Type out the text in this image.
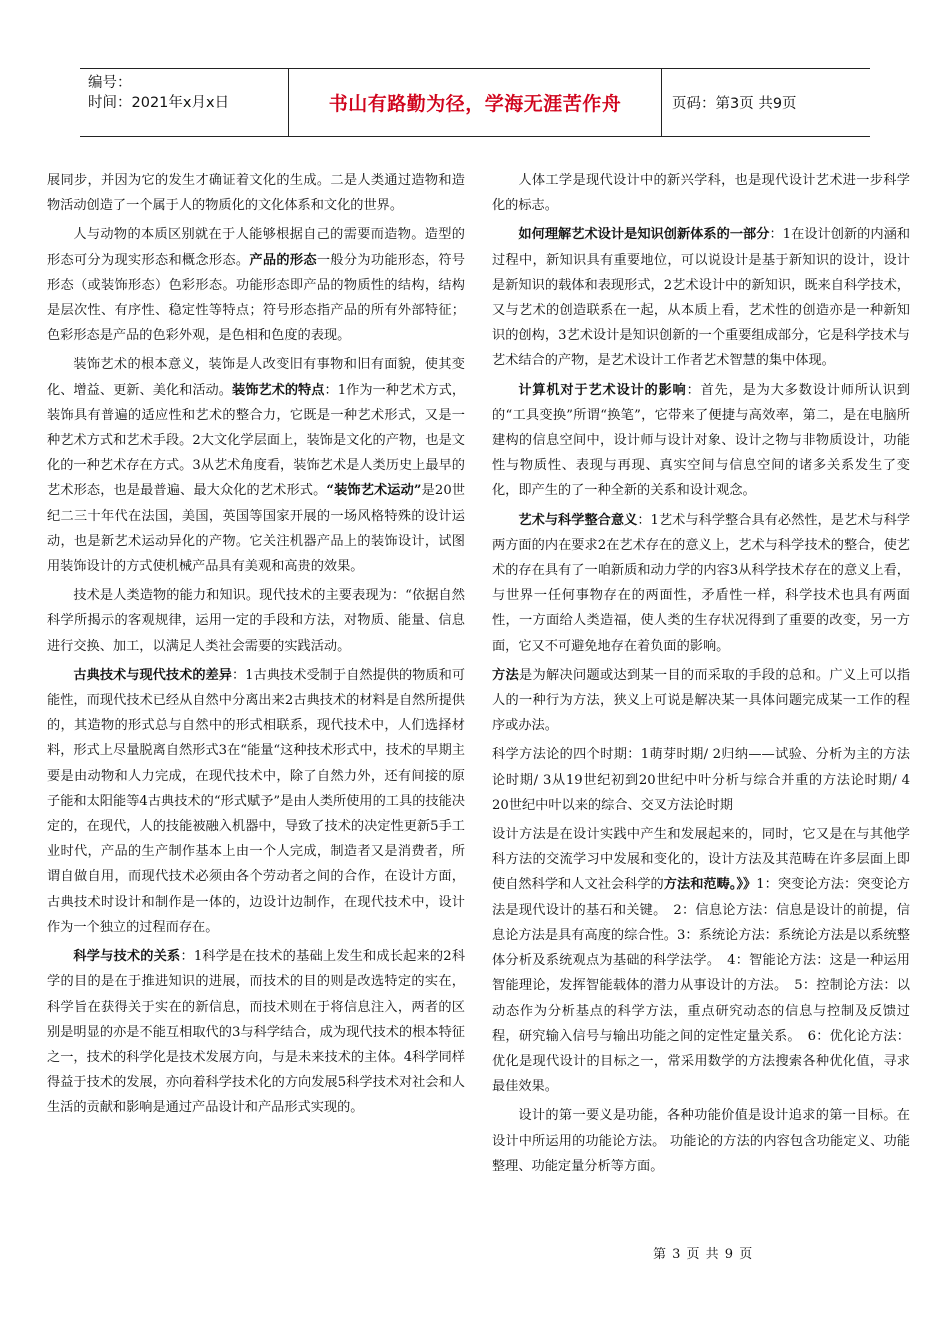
编号：
时间：2021年x月x日	书山有路勤为径，学海无涯苦作舟	页码：第3页 共9页

展同步，并因为它的发生才确证着文化的生成。二是人类通过造物和造物活动创造了一个属于人的物质化的文化体系和文化的世界。

人与动物的本质区别就在于人能够根据自己的需要而造物。造型的形态可分为现实形态和概念形态。产品的形态一般分为功能形态，符号形态（或装饰形态）色彩形态。功能形态即产品的物质性的结构，结构是层次性、有序性、稳定性等特点；符号形态指产品的所有外部特征；色彩形态是产品的色彩外观，是色相和色度的表现。

装饰艺术的根本意义，装饰是人改变旧有事物和旧有面貌，使其变化、增益、更新、美化和活动。装饰艺术的特点：1作为一种艺术方式，装饰具有普遍的适应性和艺术的整合力，它既是一种艺术形式，又是一种艺术方式和艺术手段。2大文化学层面上，装饰是文化的产物，也是文化的一种艺术存在方式。3从艺术角度看，装饰艺术是人类历史上最早的艺术形态，也是最普遍、最大众化的艺术形式。“装饰艺术运动”是20世纪二三十年代在法国，美国，英国等国家开展的一场风格特殊的设计运动，也是新艺术运动异化的产物。它关注机器产品上的装饰设计，试图用装饰设计的方式使机械产品具有美观和高贵的效果。

技术是人类造物的能力和知识。现代技术的主要表现为：“依据自然科学所揭示的客观规律，运用一定的手段和方法，对物质、能量、信息进行交换、加工，以满足人类社会需要的实践活动。

古典技术与现代技术的差异：1古典技术受制于自然提供的物质和可能性，而现代技术已经从自然中分离出来2古典技术的材料是自然所提供的，其造物的形式总与自然中的形式相联系，现代技术中，人们选择材料，形式上尽量脱离自然形式3在“能量“这种技术形式中，技术的早期主要是由动物和人力完成，在现代技术中，除了自然力外，还有间接的原子能和太阳能等4古典技术的“形式赋予”是由人类所使用的工具的技能决定的，在现代，人的技能被融入机器中，导致了技术的决定性更新5手工业时代，产品的生产制作基本上由一个人完成，制造者又是消费者，所谓自做自用，而现代技术必须由各个劳动者之间的合作，在设计方面，古典技术时设计和制作是一体的，边设计边制作，在现代技术中，设计作为一个独立的过程而存在。

科学与技术的关系：1科学是在技术的基础上发生和成长起来的2科学的目的是在于推进知识的进展，而技术的目的则是改选特定的实在，科学旨在获得关于实在的新信息，而技术则在于将信息注入，两者的区别是明显的亦是不能互相取代的3与科学结合，成为现代技术的根本特征之一，技术的科学化是技术发展方向，与是未来技术的主体。4科学同样得益于技术的发展，亦向着科学技术化的方向发展5科学技术对社会和人生活的贡献和影响是通过产品设计和产品形式实现的。

人体工学是现代设计中的新兴学科，也是现代设计艺术进一步科学化的标志。

如何理解艺术设计是知识创新体系的一部分：1在设计创新的内涵和过程中，新知识具有重要地位，可以说设计是基于新知识的设计，设计是新知识的载体和表现形式，2艺术设计中的新知识，既来自科学技术，又与艺术的创造联系在一起，从本质上看，艺术性的创造亦是一种新知识的创构，3艺术设计是知识创新的一个重要组成部分，它是科学技术与艺术结合的产物，是艺术设计工作者艺术智慧的集中体现。

计算机对于艺术设计的影响：首先，是为大多数设计师所认识到的“工具变换”所谓“换笔”，它带来了便捷与高效率，第二，是在电脑所建构的信息空间中，设计师与设计对象、设计之物与非物质设计，功能性与物质性、表现与再现、真实空间与信息空间的诸多关系发生了变化，即产生的了一种全新的关系和设计观念。

艺术与科学整合意义：1艺术与科学整合具有必然性，是艺术与科学两方面的内在要求2在艺术存在的意义上，艺术与科学技术的整合，使艺术的存在具有了一咱新质和动力学的内容3从科学技术存在的意义上看，与世界一任何事物存在的两面性，矛盾性一样，科学技术也具有两面性，一方面给人类造福，使人类的生存状况得到了重要的改变，另一方面，它又不可避免地存在着负面的影响。

方法是为解决问题或达到某一目的而采取的手段的总和。广义上可以指人的一种行为方法，狭义上可说是解决某一具体问题完成某一工作的程序或办法。

科学方法论的四个时期：1萌芽时期/ 2归纳——试验、分析为主的方法论时期/ 3从19世纪初到20世纪中叶分析与综合并重的方法论时期/ 4 20世纪中叶以来的综合、交叉方法论时期

设计方法是在设计实践中产生和发展起来的，同时，它又是在与其他学科方法的交流学习中发展和变化的，设计方法及其范畴在许多层面上即使自然科学和人文社会科学的方法和范畴。》》1：突变论方法：突变论方法是现代设计的基石和关键。　2：信息论方法：信息是设计的前提，信息论方法是具有高度的综合性。3：系统论方法：系统论方法是以系统整体分析及系统观点为基础的科学法学。　4：智能论方法：这是一种运用智能理论，发挥智能载体的潜力从事设计的方法。　5：控制论方法：以动态作为分析基点的科学方法，重点研究动态的信息与控制及反馈过程，研究输入信号与输出功能之间的定性定量关系。　6：优化论方法：优化是现代设计的目标之一，常采用数学的方法搜索各种优化值，寻求最佳效果。

设计的第一要义是功能，各种功能价值是设计追求的第一目标。在设计中所运用的功能论方法。 功能论的方法的内容包含功能定义、功能整理、功能定量分析等方面。

第 3 页 共 9 页
